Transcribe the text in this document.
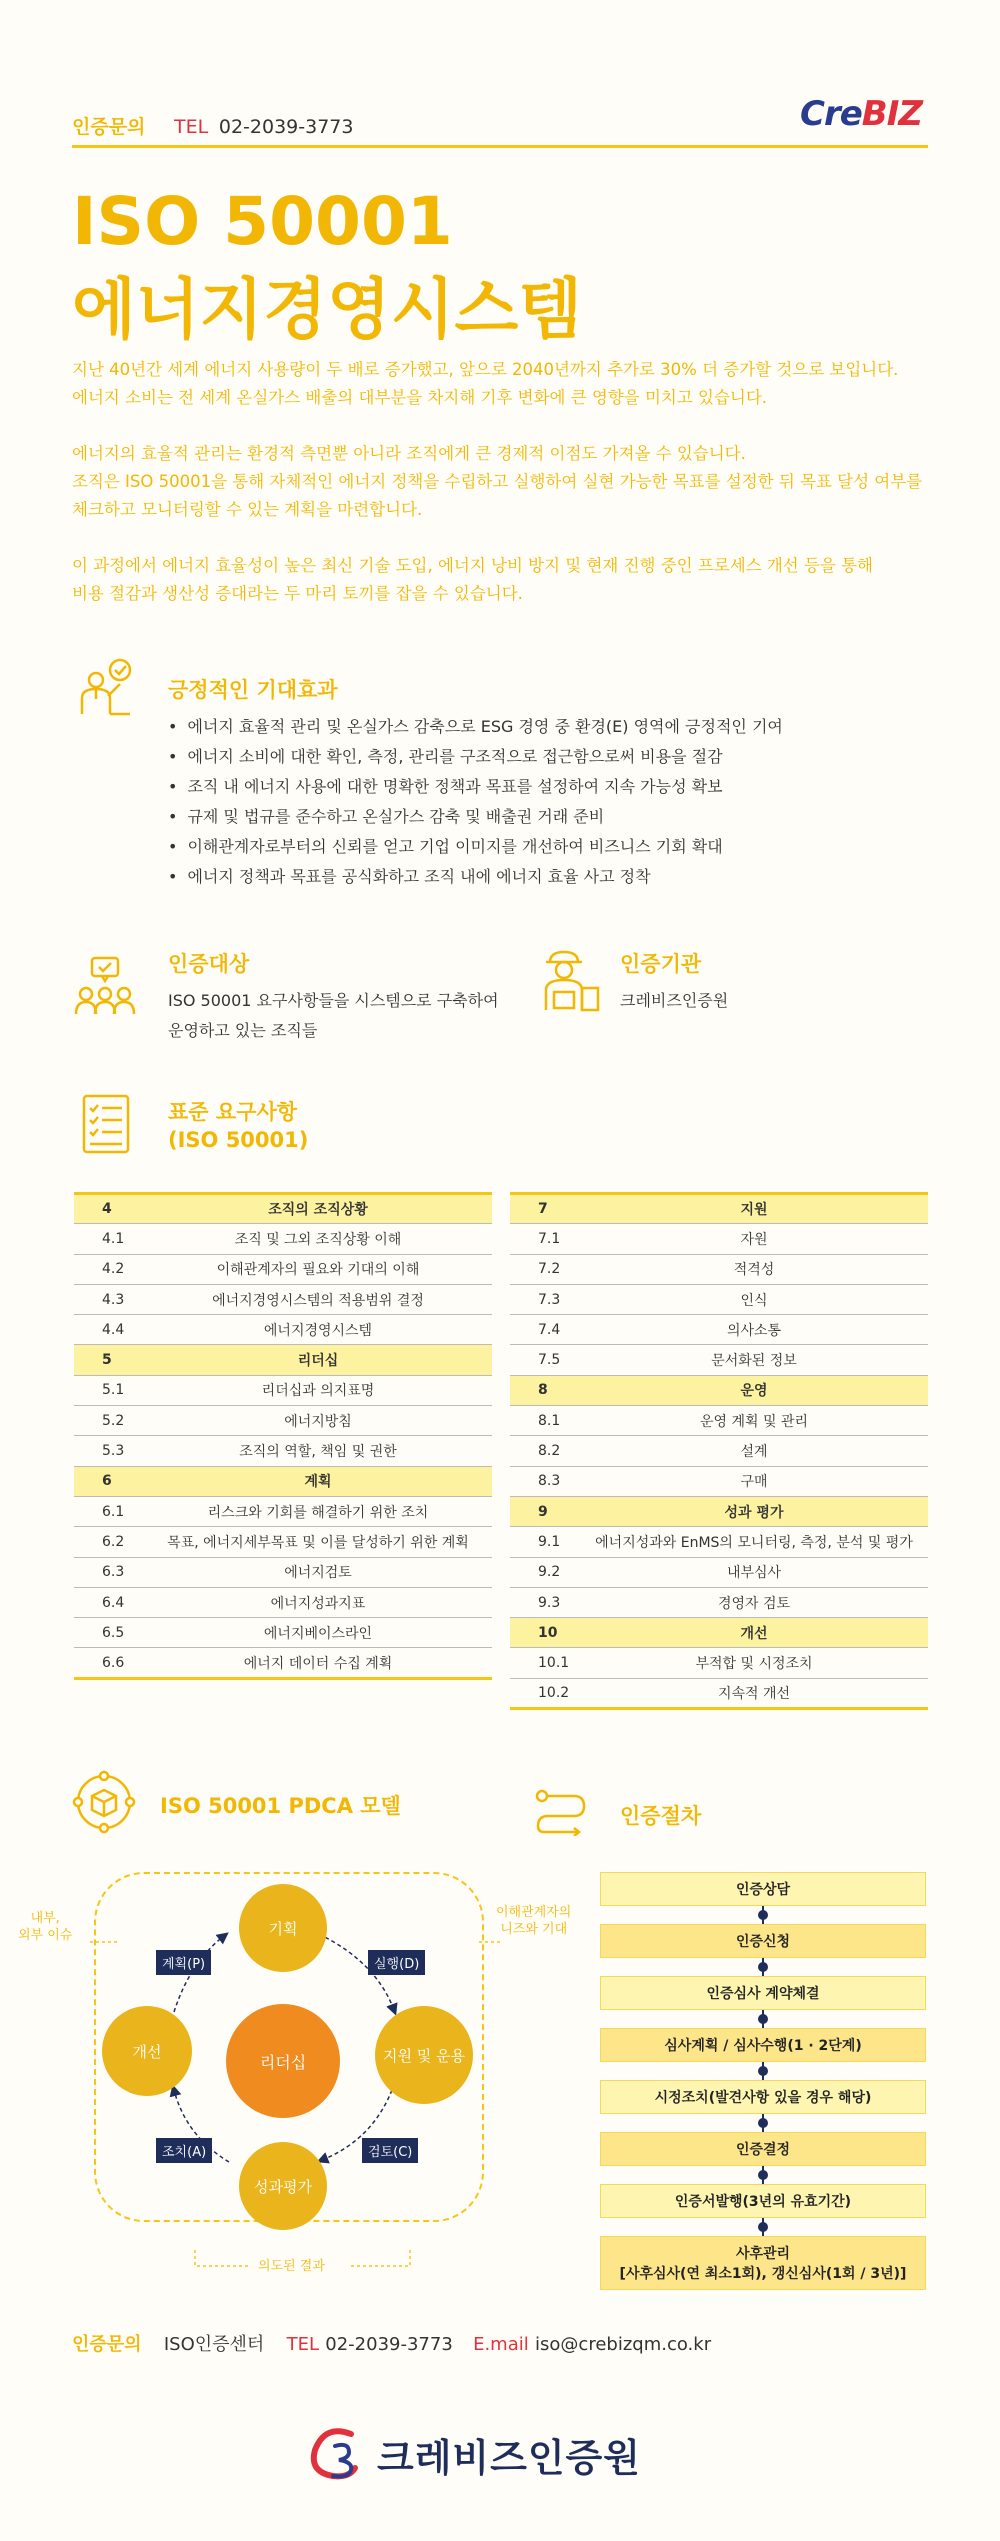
인증문의 TEL 02-2039-3773	CreBIZ
ISO 50001
에너지경영시스템

지난 40년간 세계 에너지 사용량이 두 배로 증가했고, 앞으로 2040년까지 추가로 30% 더 증가할 것으로 보입니다.
에너지 소비는 전 세계 온실가스 배출의 대부분을 차지해 기후 변화에 큰 영향을 미치고 있습니다.

에너지의 효율적 관리는 환경적 측면뿐 아니라 조직에게 큰 경제적 이점도 가져올 수 있습니다.
조직은 ISO 50001을 통해 자체적인 에너지 정책을 수립하고 실행하여 실현 가능한 목표를 설정한 뒤 목표 달성 여부를
체크하고 모니터링할 수 있는 계획을 마련합니다.

이 과정에서 에너지 효율성이 높은 최신 기술 도입, 에너지 낭비 방지 및 현재 진행 중인 프로세스 개선 등을 통해
비용 절감과 생산성 증대라는 두 마리 토끼를 잡을 수 있습니다.

긍정적인 기대효과
• 에너지 효율적 관리 및 온실가스 감축으로 ESG 경영 중 환경(E) 영역에 긍정적인 기여
• 에너지 소비에 대한 확인, 측정, 관리를 구조적으로 접근함으로써 비용을 절감
• 조직 내 에너지 사용에 대한 명확한 정책과 목표를 설정하여 지속 가능성 확보
• 규제 및 법규를 준수하고 온실가스 감축 및 배출권 거래 준비
• 이해관계자로부터의 신뢰를 얻고 기업 이미지를 개선하여 비즈니스 기회 확대
• 에너지 정책과 목표를 공식화하고 조직 내에 에너지 효율 사고 정착
인증대상
ISO 50001 요구사항들을 시스템으로 구축하여
운영하고 있는 조직들
인증기관
크레비즈인증원
표준 요구사항
(ISO 50001)
4	조직의 조직상황
4.1	조직 및 그외 조직상황 이해
4.2	이해관계자의 필요와 기대의 이해
4.3	에너지경영시스템의 적용범위 결정
4.4	에너지경영시스템
5	리더십
5.1	리더십과 의지표명
5.2	에너지방침
5.3	조직의 역할, 책임 및 권한
6	계획
6.1	리스크와 기회를 해결하기 위한 조치
6.2	목표, 에너지세부목표 및 이를 달성하기 위한 계획
6.3	에너지검토
6.4	에너지성과지표
6.5	에너지베이스라인
6.6	에너지 데이터 수집 계획
7	지원
7.1	자원
7.2	적격성
7.3	인식
7.4	의사소통
7.5	문서화된 정보
8	운영
8.1	운영 계획 및 관리
8.2	설계
8.3	구매
9	성과 평가
9.1	에너지성과와 EnMS의 모니터링, 측정, 분석 및 평가
9.2	내부심사
9.3	경영자 검토
10	개선
10.1	부적합 및 시정조치
10.2	지속적 개선
ISO 50001 PDCA 모델
기획
지원 및 운용
성과평가
개선
리더십
계획(P)	실행(D)
검토(C)
조치(A)
내부,
외부 이슈
이해관계자의
니즈와 기대
의도된 결과
인증절차
인증상담
인증신청
인증심사 계약체결
심사계획 / 심사수행(1 · 2단계)
시정조치(발견사항 있을 경우 해당)
인증결정
인증서발행(3년의 유효기간)
사후관리
[사후심사(연 최소1회), 갱신심사(1회 / 3년)]
인증문의 ISO인증센터 TEL 02-2039-3773 E.mail iso@crebizqm.co.kr
크레비즈인증원
